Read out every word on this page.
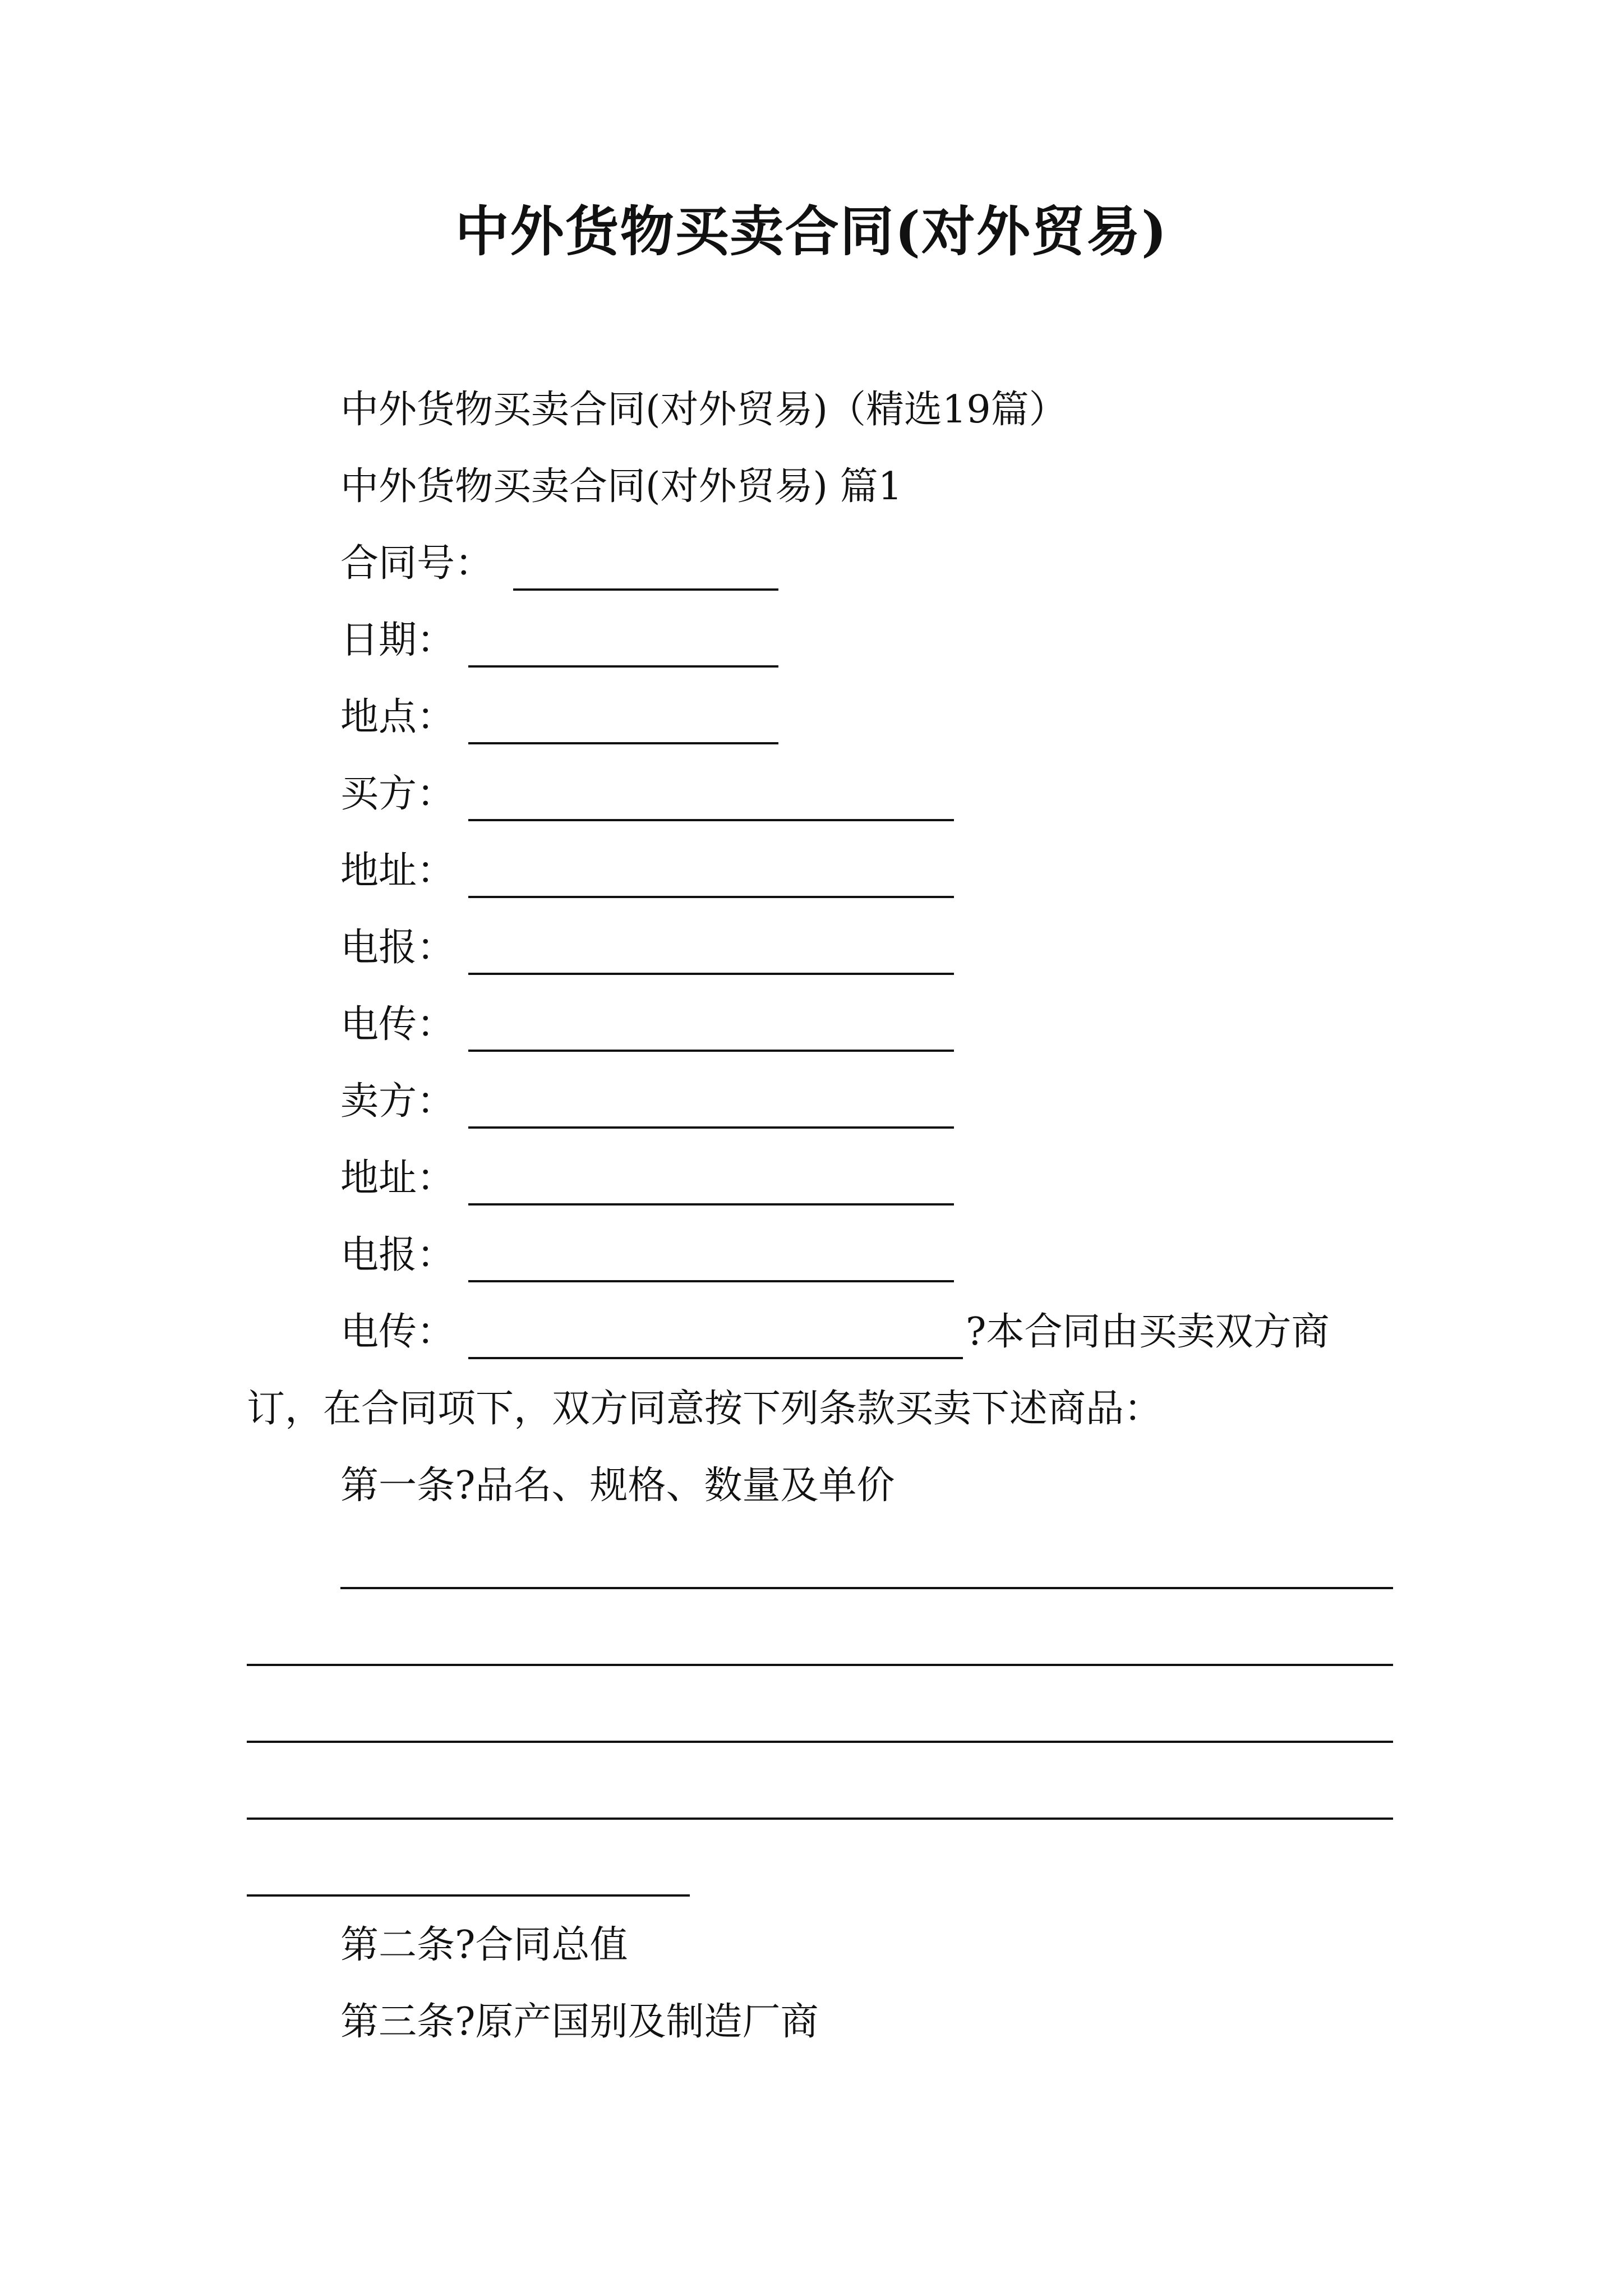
中外货物买卖合同(对外贸易)
中外货物买卖合同(对外贸易)（精选19篇）
中外货物买卖合同(对外贸易) 篇1
合同号：
日期：
地点：
买方：
地址：
电报：
电传：
卖方：
地址：
电报：
电传：	?本合同由买卖双方商
订，在合同项下，双方同意按下列条款买卖下述商品：
第一条?品名、规格、数量及单价
第二条?合同总值
第三条?原产国别及制造厂商
